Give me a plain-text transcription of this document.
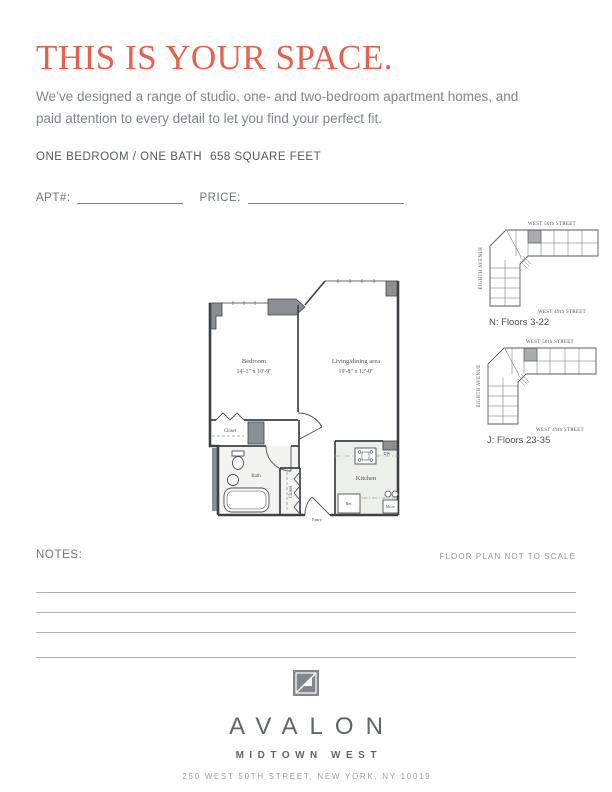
THIS IS YOUR SPACE.
We’ve designed a range of studio, one- and two-bedroom apartment homes, and
paid attention to every detail to let you find your perfect fit.
ONE BEDROOM / ONE BATH 658 SQUARE FEET
APT#:	PRICE:
Bedroom
14'-1" x 10'-9"
Living/dining area
19'-8" x 12'-0"
Kitchen
Bath
Closet
Closet
Entry
DW
Ref.
Micro
WEST 50th STREET
EIGHTH AVENUE
WEST 49th STREET
N: Floors 3-22
WEST 50th STREET
EIGHTH AVENUE
WEST 49th STREET
J: Floors 23-35
NOTES:	FLOOR PLAN NOT TO SCALE
AVALON
MIDTOWN WEST
250 WEST 50TH STREET, NEW YORK, NY 10019
